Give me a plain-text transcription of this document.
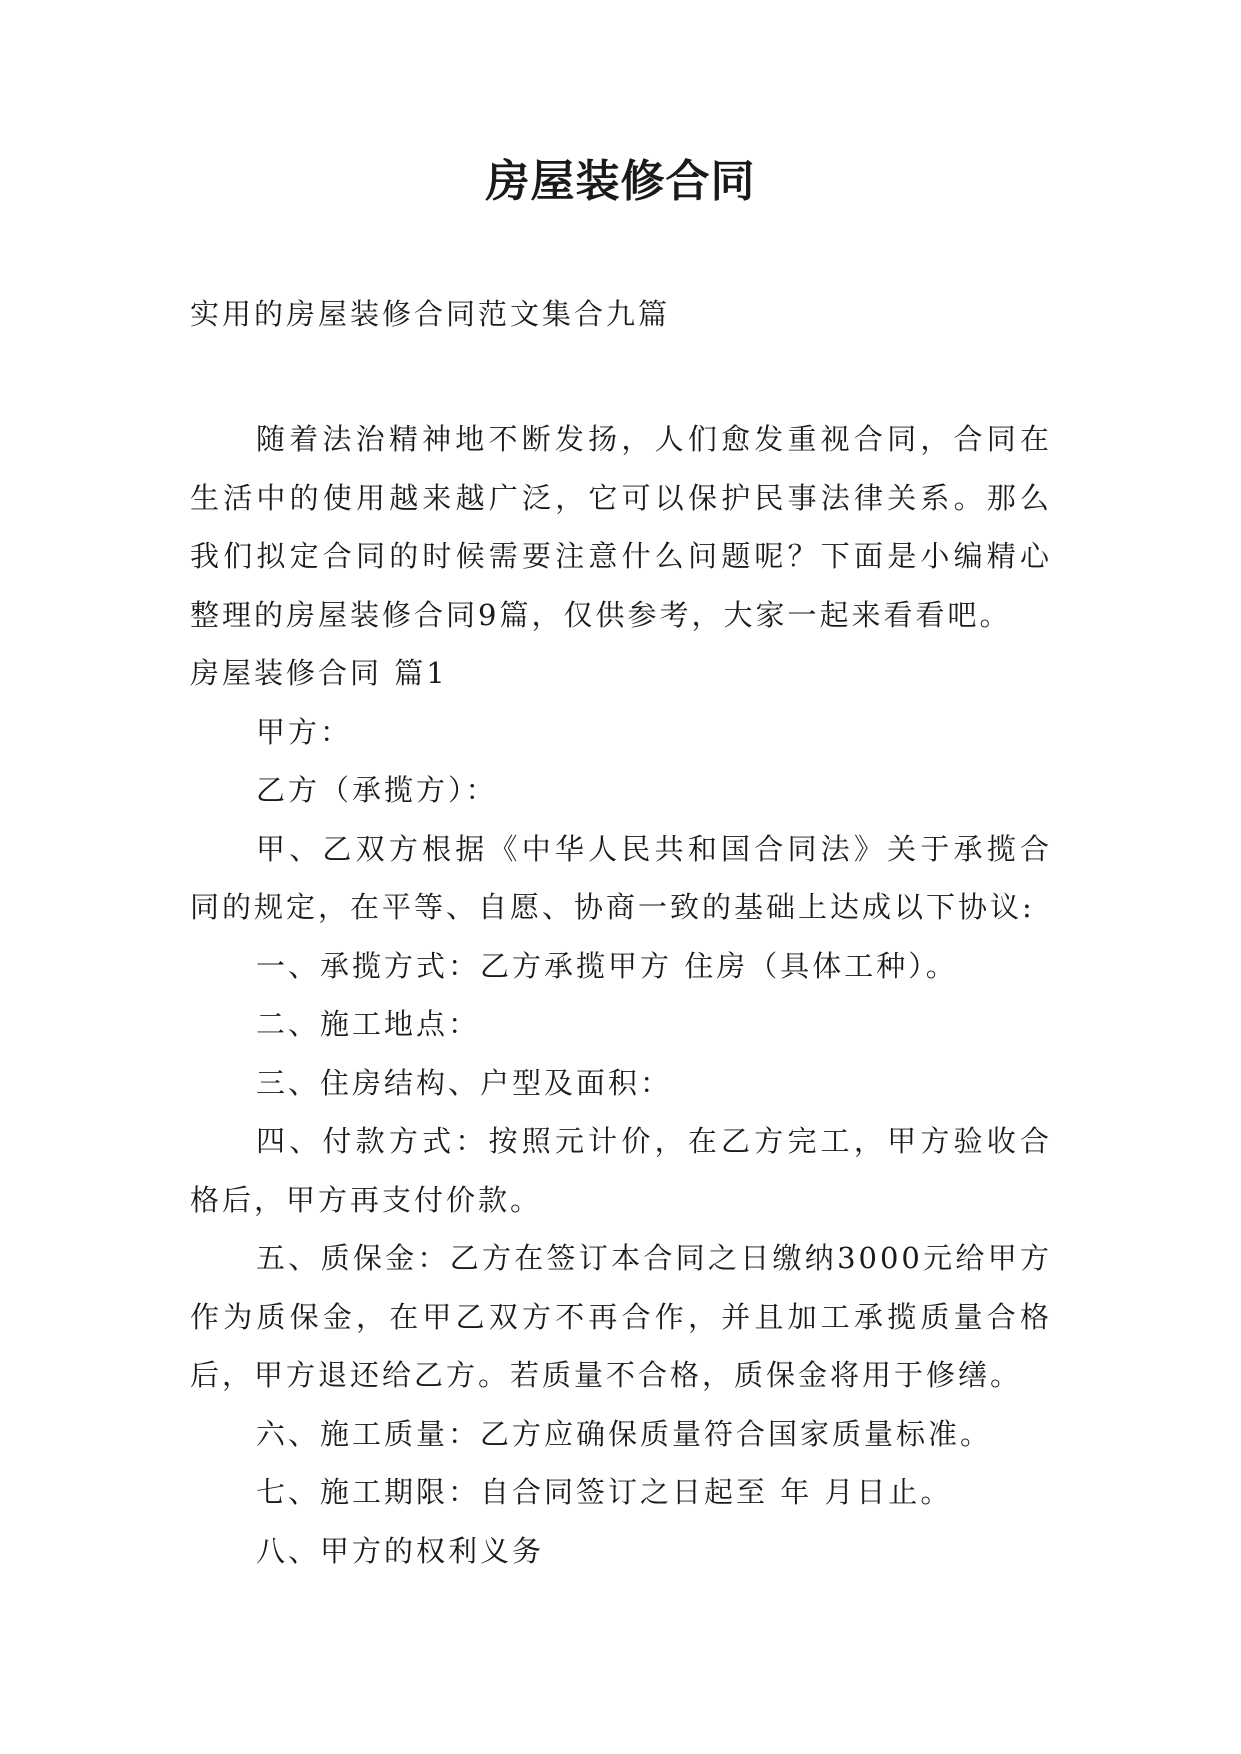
房屋装修合同
实用的房屋装修合同范文集合九篇

随着法治精神地不断发扬，人们愈发重视合同，合同在生活中的使用越来越广泛，它可以保护民事法律关系。那么我们拟定合同的时候需要注意什么问题呢？下面是小编精心整理的房屋装修合同9篇，仅供参考，大家一起来看看吧。

房屋装修合同 篇1

甲方：

乙方（承揽方）：

甲、乙双方根据《中华人民共和国合同法》关于承揽合同的规定，在平等、自愿、协商一致的基础上达成以下协议:

一、承揽方式：乙方承揽甲方 住房（具体工种）。

二、施工地点：

三、住房结构、户型及面积：

四、付款方式：按照元计价，在乙方完工，甲方验收合格后，甲方再支付价款。

五、质保金：乙方在签订本合同之日缴纳3000元给甲方作为质保金，在甲乙双方不再合作，并且加工承揽质量合格后，甲方退还给乙方。若质量不合格，质保金将用于修缮。

六、施工质量：乙方应确保质量符合国家质量标准。

七、施工期限：自合同签订之日起至 年 月日止。

八、甲方的权利义务
